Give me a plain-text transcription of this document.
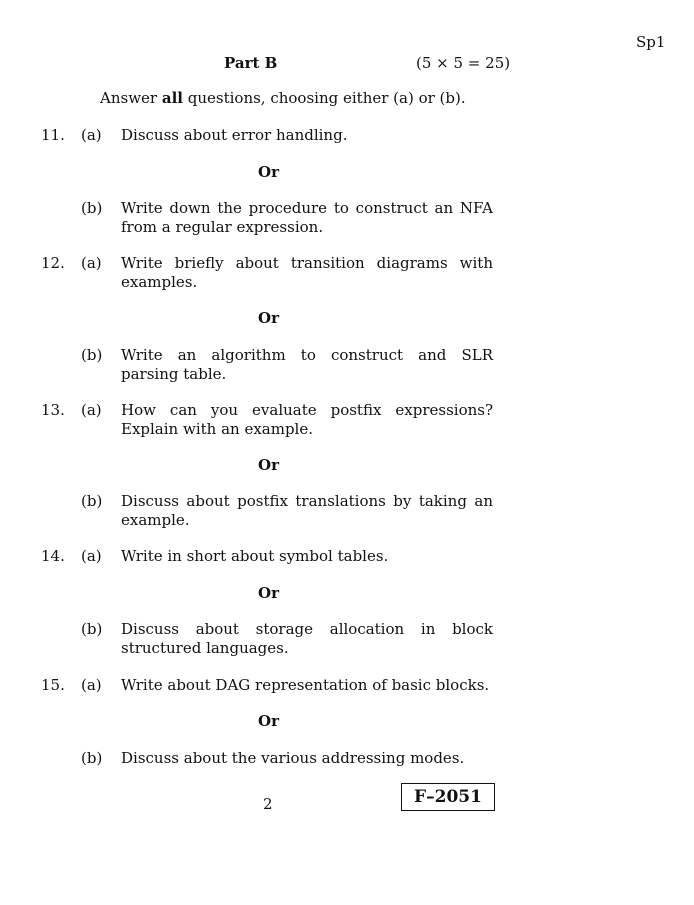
Sp1
Part B	(5 × 5 = 25)
Answer all questions, choosing either (a) or (b).
11. (a) Discuss about error handling.
Or
(b) Write down the procedure to construct an NFA from a regular expression.
12. (a) Write briefly about transition diagrams with examples.
Or
(b) Write an algorithm to construct and SLR parsing table.
13. (a) How can you evaluate postfix expressions? Explain with an example.
Or
(b) Discuss about postfix translations by taking an example.
14. (a) Write in short about symbol tables.
Or
(b) Discuss about storage allocation in block structured languages.
15. (a) Write about DAG representation of basic blocks.
Or
(b) Discuss about the various addressing modes.
2	F–2051
